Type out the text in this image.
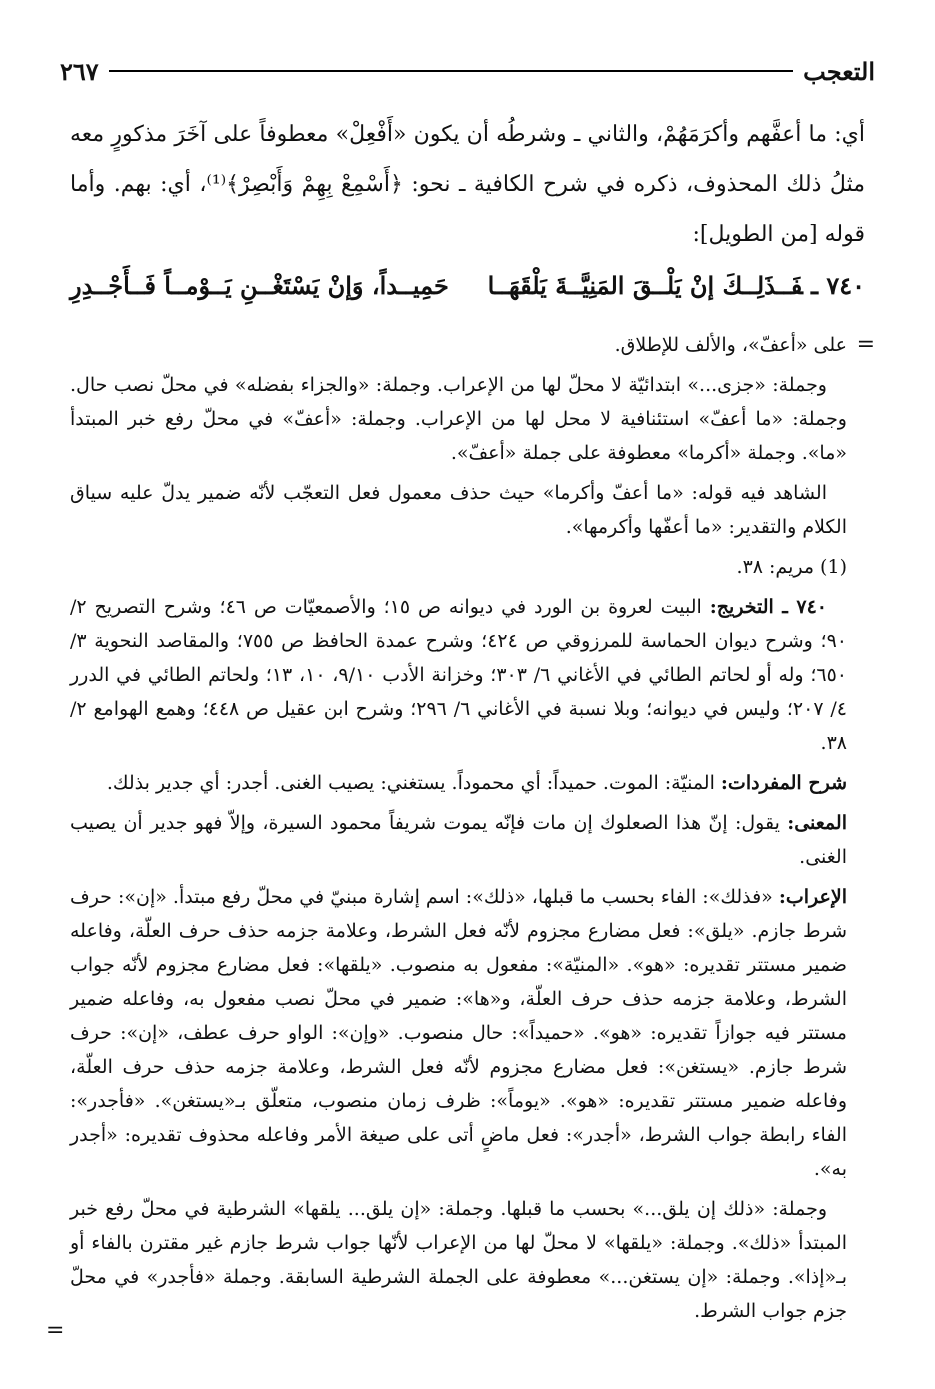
التعجب
٢٦٧

أي: ما أعفَّهم وأكرَمَهُمْ، والثاني ـ وشرطُه أن يكون «أَفْعِلْ» معطوفاً على آخَرَ مذكورٍ معه مثلُ ذلك المحذوف، ذكره في شرح الكافية ـ نحو: ﴿أَسْمِعْ بِهِمْ وَأَبْصِرْ﴾⁽¹⁾، أي: بهم. وأما قوله [من الطويل]:

٧٤٠ ـفَــذَلِــكَ إنْ يَلْــقَ المَنِيَّــةَ يَلْقَهَــا
حَمِيــداً، وَإنْ يَسْتَغْــنِ يَــوْمــاً فَــأَجْــدِرِ
=

على «أعفّ»، والألف للإطلاق.

وجملة: «جزى...» ابتدائيّة لا محلّ لها من الإعراب. وجملة: «والجزاء بفضله» في محلّ نصب حال. وجملة: «ما أعفّ» استئنافية لا محل لها من الإعراب. وجملة: «أعفّ» في محلّ رفع خبر المبتدأ «ما». وجملة «أكرما» معطوفة على جملة «أعفّ».

الشاهد فيه قوله: «ما أعفّ وأكرما» حيث حذف معمول فعل التعجّب لأنّه ضمير يدلّ عليه سياق الكلام والتقدير: «ما أعفّها وأكرمها».

(1) مريم: ٣٨.

٧٤٠ ـ التخريج: البيت لعروة بن الورد في ديوانه ص ١٥؛ والأصمعيّات ص ٤٦؛ وشرح التصريح ٢/ ٩٠؛ وشرح ديوان الحماسة للمرزوقي ص ٤٢٤؛ وشرح عمدة الحافظ ص ٧٥٥؛ والمقاصد النحوية ٣/ ٦٥٠؛ وله أو لحاتم الطائي في الأغاني ٦/ ٣٠٣؛ وخزانة الأدب ٩/١٠، ١٠، ١٣؛ ولحاتم الطائي في الدرر ٤/ ٢٠٧؛ وليس في ديوانه؛ وبلا نسبة في الأغاني ٦/ ٢٩٦؛ وشرح ابن عقيل ص ٤٤٨؛ وهمع الهوامع ٢/ ٣٨.

شرح المفردات: المنيّة: الموت. حميداً: أي محموداً. يستغني: يصيب الغنى. أجدر: أي جدير بذلك.

المعنى: يقول: إنّ هذا الصعلوك إن مات فإنّه يموت شريفاً محمود السيرة، وإلاّ فهو جدير أن يصيب الغنى.

الإعراب: «فذلك»: الفاء بحسب ما قبلها، «ذلك»: اسم إشارة مبنيّ في محلّ رفع مبتدأ. «إن»: حرف شرط جازم. «يلق»: فعل مضارع مجزوم لأنّه فعل الشرط، وعلامة جزمه حذف حرف العلّة، وفاعله ضمير مستتر تقديره: «هو». «المنيّة»: مفعول به منصوب. «يلقها»: فعل مضارع مجزوم لأنّه جواب الشرط، وعلامة جزمه حذف حرف العلّة، و«ها»: ضمير في محلّ نصب مفعول به، وفاعله ضمير مستتر فيه جوازاً تقديره: «هو». «حميداً»: حال منصوب. «وإن»: الواو حرف عطف، «إن»: حرف شرط جازم. «يستغن»: فعل مضارع مجزوم لأنّه فعل الشرط، وعلامة جزمه حذف حرف العلّة، وفاعله ضمير مستتر تقديره: «هو». «يوماً»: ظرف زمان منصوب، متعلّق بـ«يستغن». «فأجدر»: الفاء رابطة جواب الشرط، «أجدر»: فعل ماضٍ أتى على صيغة الأمر وفاعله محذوف تقديره: «أجدر به».

وجملة: «ذلك إن يلق...» بحسب ما قبلها. وجملة: «إن يلق... يلقها» الشرطية في محلّ رفع خبر المبتدأ «ذلك». وجملة: «يلقها» لا محلّ لها من الإعراب لأنّها جواب شرط جازم غير مقترن بالفاء أو بـ«إذا». وجملة: «إن يستغن...» معطوفة على الجملة الشرطية السابقة. وجملة «فأجدر» في محلّ جزم جواب الشرط.

=
